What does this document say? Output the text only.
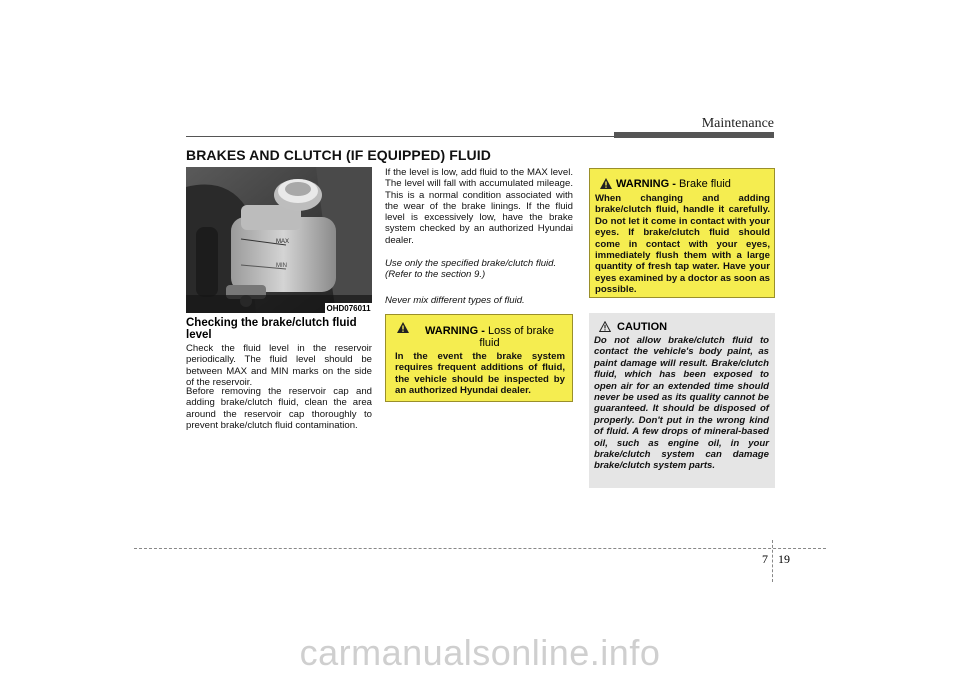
Maintenance
BRAKES AND CLUTCH (IF EQUIPPED) FLUID
MAX
MIN
OHD076011
Checking the brake/clutch fluid level
Check the fluid level in the reservoir periodically. The fluid level should be between MAX and MIN marks on the side of the reservoir.
Before removing the reservoir cap and adding brake/clutch fluid, clean the area around the reservoir cap thoroughly to prevent brake/clutch fluid contamination.
If the level is low, add fluid to the MAX level. The level will fall with accumulated mileage. This is a normal condition associated with the wear of the brake linings. If the fluid level is excessively low, have the brake system checked by an authorized Hyundai dealer.
Use only the specified brake/clutch fluid. (Refer to the section 9.)
Never mix different types of fluid.
WARNING - Loss of brake
fluid
In the event the brake system requires frequent additions of fluid, the vehicle should be inspected by an authorized Hyundai dealer.
WARNING - Brake fluid
When changing and adding brake/clutch fluid, handle it carefully. Do not let it come in contact with your eyes. If brake/clutch fluid should come in contact with your eyes, immediately flush them with a large quantity of fresh tap water. Have your eyes examined by a doctor as soon as possible.
CAUTION
Do not allow brake/clutch fluid to contact the vehicle's body paint, as paint damage will result. Brake/clutch fluid, which has been exposed to open air for an extended time should never be used as its quality cannot be guaranteed. It should be disposed of properly. Don't put in the wrong kind of fluid. A few drops of mineral-based oil, such as engine oil, in your brake/clutch system can damage brake/clutch system parts.
7 19
carmanualsonline.info
